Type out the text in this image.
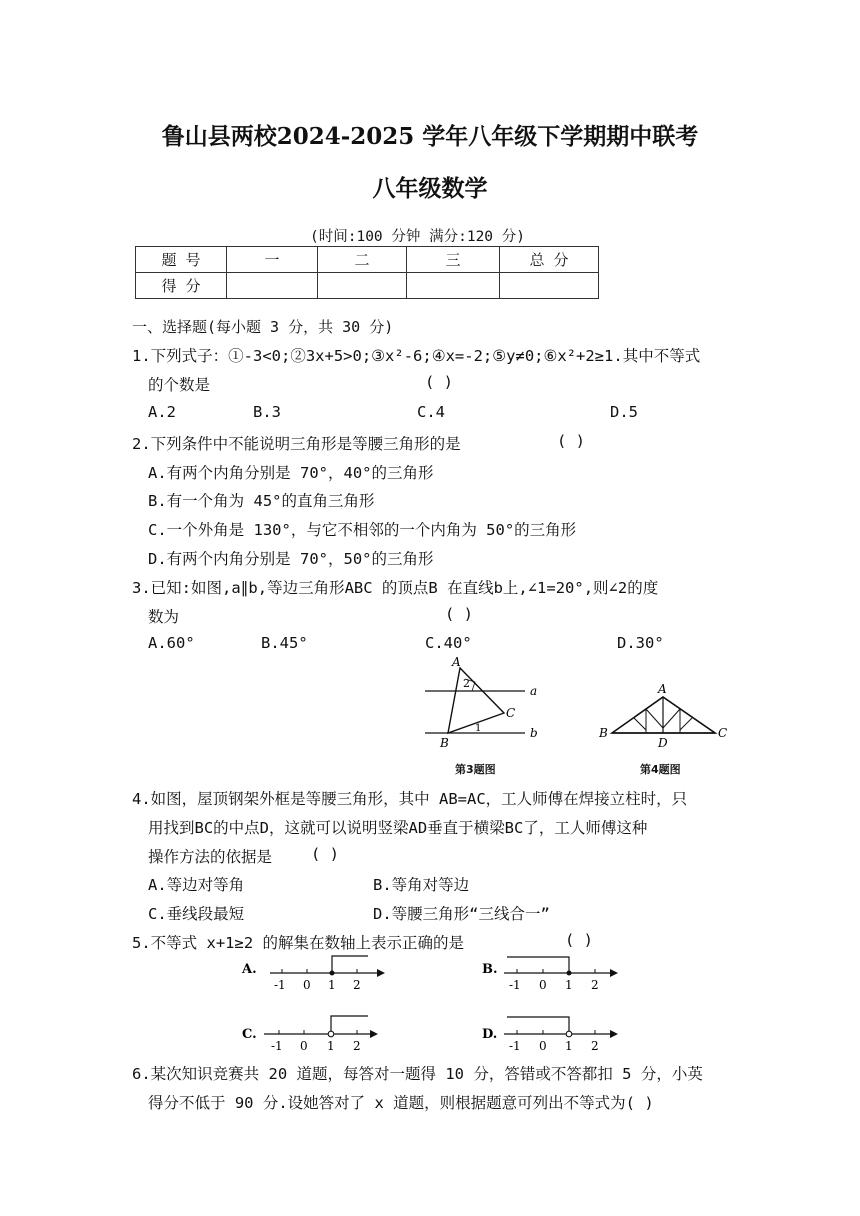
鲁山县两校2024-2025 学年八年级下学期期中联考
八年级数学
(时间:100 分钟 满分:120 分)
题 号	一	二	三	总 分
得 分				
一、选择题(每小题 3 分，共 30 分)
1.下列式子：①-3<0;②3x+5>0;③x²-6;④x=-2;⑤y≠0;⑥x²+2≥1.其中不等式
的个数是	( )
A.2	B.3	C.4	D.5
2.下列条件中不能说明三角形是等腰三角形的是	( )
A.有两个内角分别是 70°，40°的三角形
B.有一个角为 45°的直角三角形
C.一个外角是 130°，与它不相邻的一个内角为 50°的三角形
D.有两个内角分别是 70°，50°的三角形
3.已知:如图,a∥b,等边三角形ABC 的顶点B 在直线b上,∠1=20°,则∠2的度
数为	( )
A.60°	B.45°	C.40°	D.30°
A
2
a
C
1
B
b
第3题图
A
B
D
C
第4题图
4.如图，屋顶钢架外框是等腰三角形，其中 AB=AC，工人师傅在焊接立柱时，只
用找到BC的中点D，这就可以说明竖梁AD垂直于横梁BC了，工人师傅这种
操作方法的依据是	( )
A.等边对等角	B.等角对等边
C.垂线段最短	D.等腰三角形“三线合一”
5.不等式 x+1≥2 的解集在数轴上表示正确的是	( )
A.
-1 0 1 2
B.
-1 0 1 2
C.
-1 0 1 2
D.
-1 0 1 2
6.某次知识竞赛共 20 道题，每答对一题得 10 分，答错或不答都扣 5 分，小英
得分不低于 90 分.设她答对了 x 道题，则根据题意可列出不等式为( )
